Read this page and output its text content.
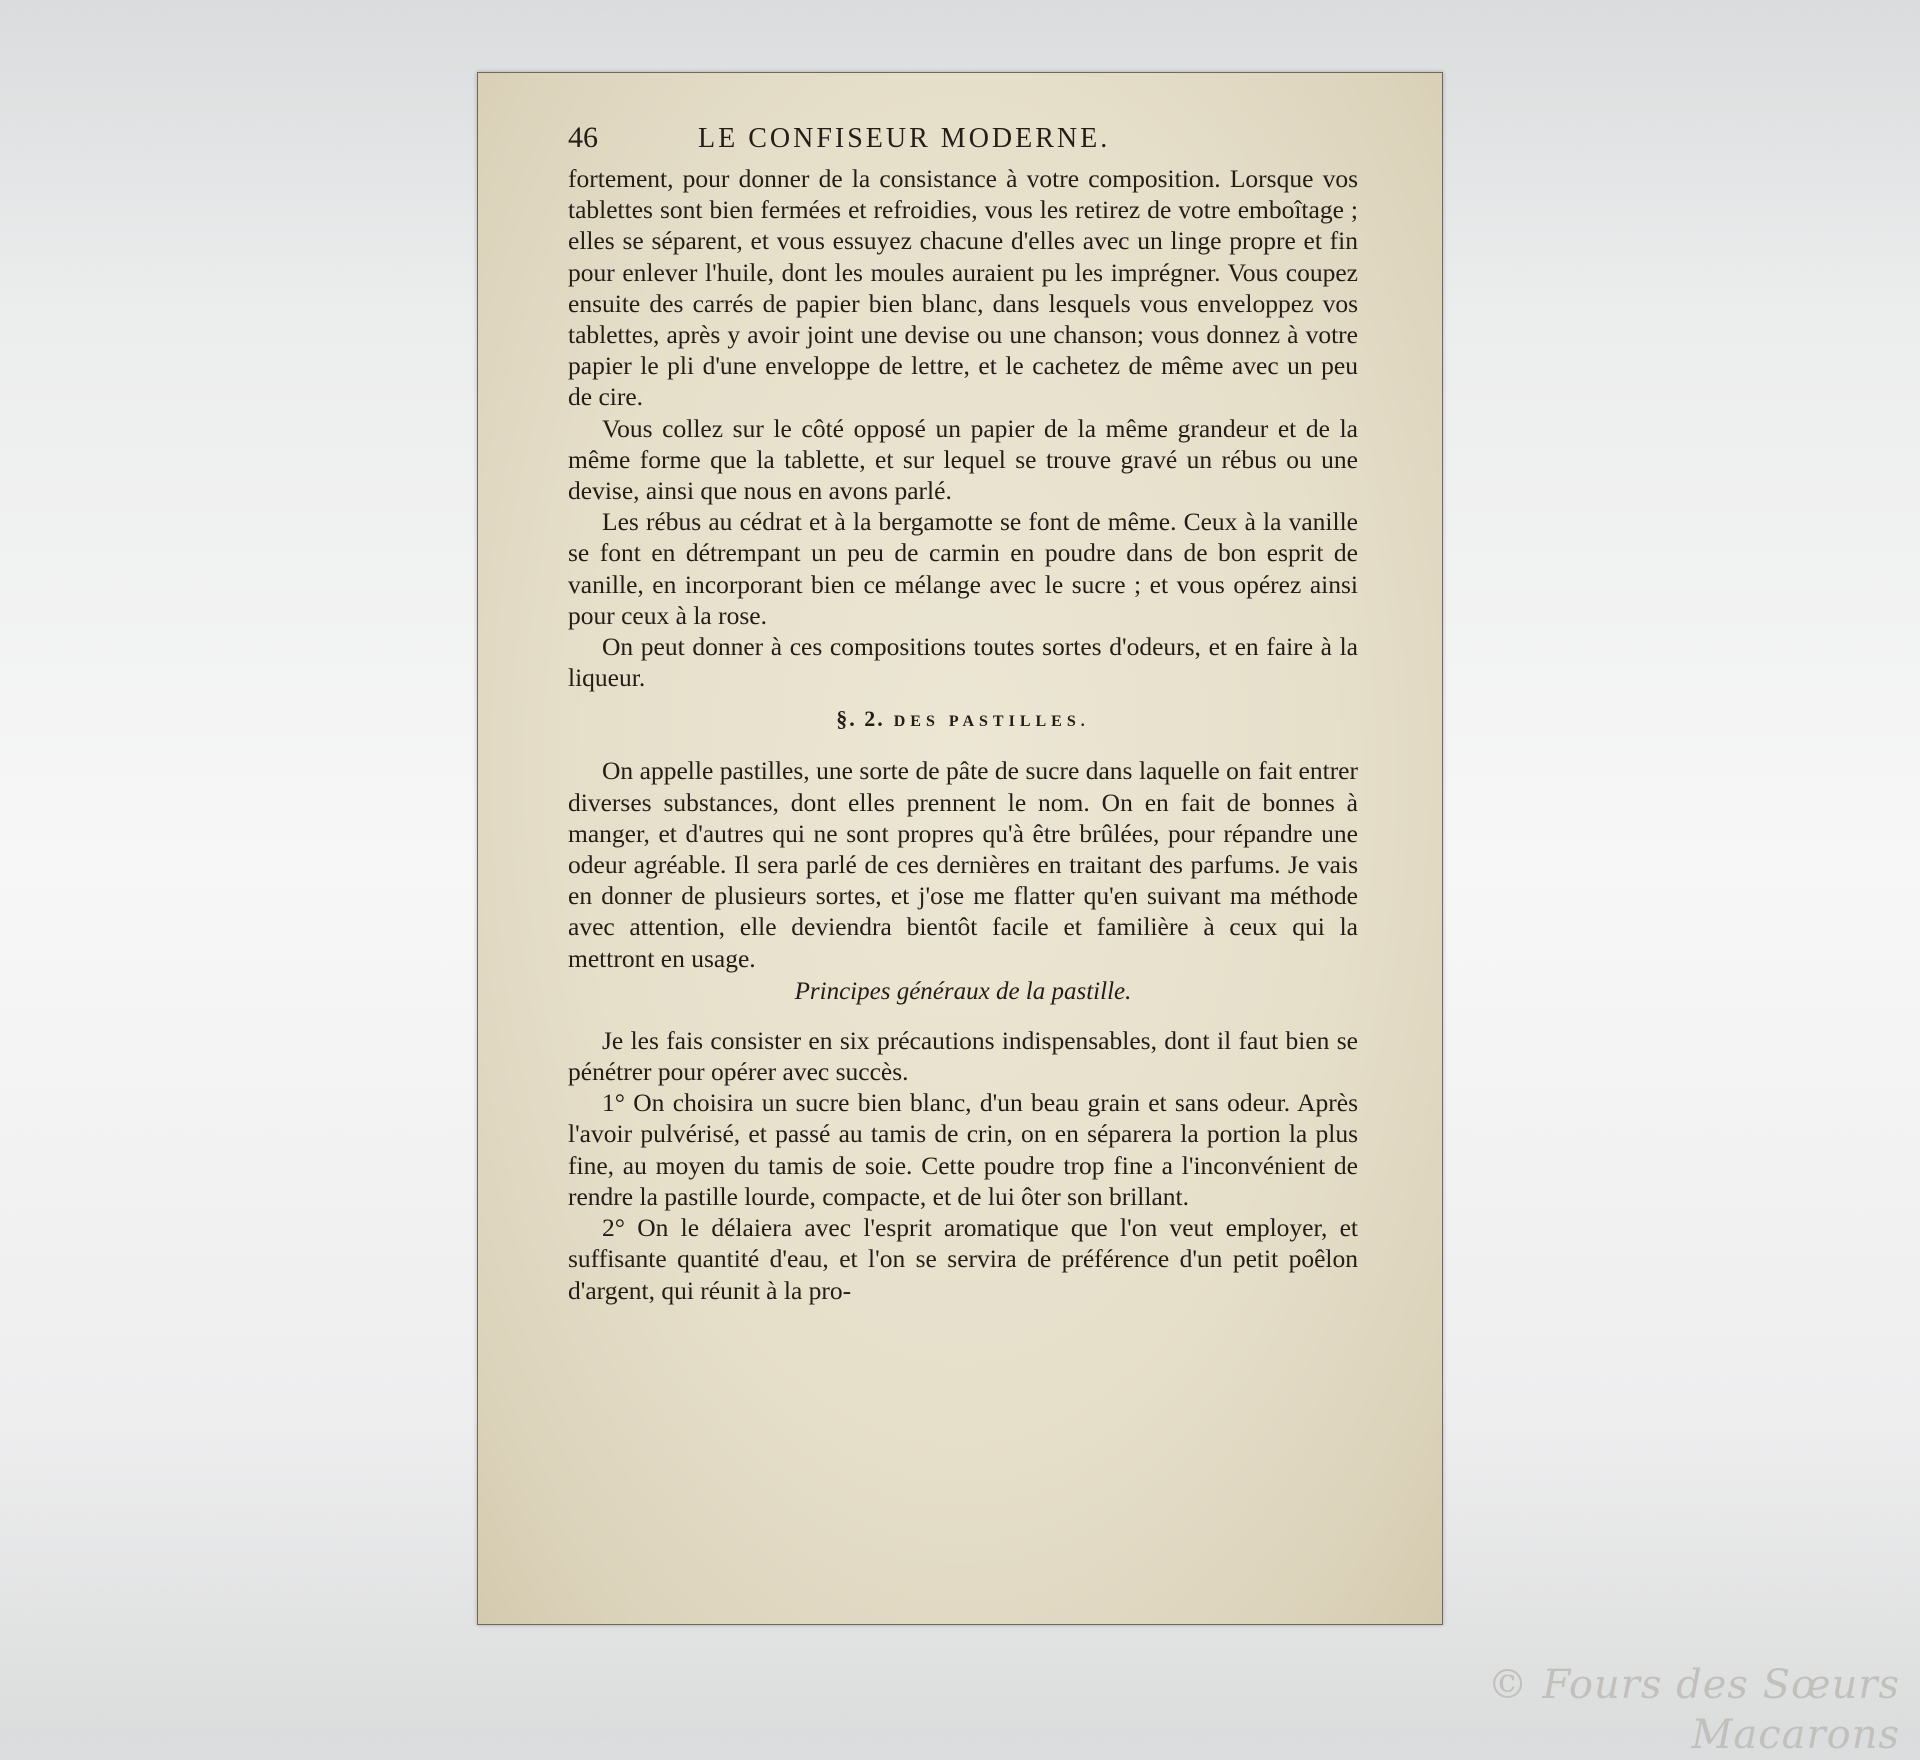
46	LE CONFISEUR MODERNE.

fortement, pour donner de la consistance à votre composition. Lorsque vos tablettes sont bien fermées et refroidies, vous les retirez de votre emboîtage ; elles se séparent, et vous essuyez chacune d'elles avec un linge propre et fin pour enlever l'huile, dont les moules auraient pu les imprégner. Vous coupez ensuite des carrés de papier bien blanc, dans lesquels vous enveloppez vos tablettes, après y avoir joint une devise ou une chanson; vous donnez à votre papier le pli d'une enveloppe de lettre, et le cachetez de même avec un peu de cire.

Vous collez sur le côté opposé un papier de la même grandeur et de la même forme que la tablette, et sur lequel se trouve gravé un rébus ou une devise, ainsi que nous en avons parlé.

Les rébus au cédrat et à la bergamotte se font de même. Ceux à la vanille se font en détrempant un peu de carmin en poudre dans de bon esprit de vanille, en incorporant bien ce mélange avec le sucre ; et vous opérez ainsi pour ceux à la rose.

On peut donner à ces compositions toutes sortes d'odeurs, et en faire à la liqueur.

§. 2. DES PASTILLES.

On appelle pastilles, une sorte de pâte de sucre dans laquelle on fait entrer diverses substances, dont elles prennent le nom. On en fait de bonnes à manger, et d'autres qui ne sont propres qu'à être brûlées, pour répandre une odeur agréable. Il sera parlé de ces dernières en traitant des parfums. Je vais en donner de plusieurs sortes, et j'ose me flatter qu'en suivant ma méthode avec attention, elle deviendra bientôt facile et familière à ceux qui la mettront en usage.

Principes généraux de la pastille.

Je les fais consister en six précautions indispensables, dont il faut bien se pénétrer pour opérer avec succès.

1° On choisira un sucre bien blanc, d'un beau grain et sans odeur. Après l'avoir pulvérisé, et passé au tamis de crin, on en séparera la portion la plus fine, au moyen du tamis de soie. Cette poudre trop fine a l'inconvénient de rendre la pastille lourde, compacte, et de lui ôter son brillant.

2° On le délaiera avec l'esprit aromatique que l'on veut employer, et suffisante quantité d'eau, et l'on se servira de préférence d'un petit poêlon d'argent, qui réunit à la pro-

© Fours des Sœurs Macarons
